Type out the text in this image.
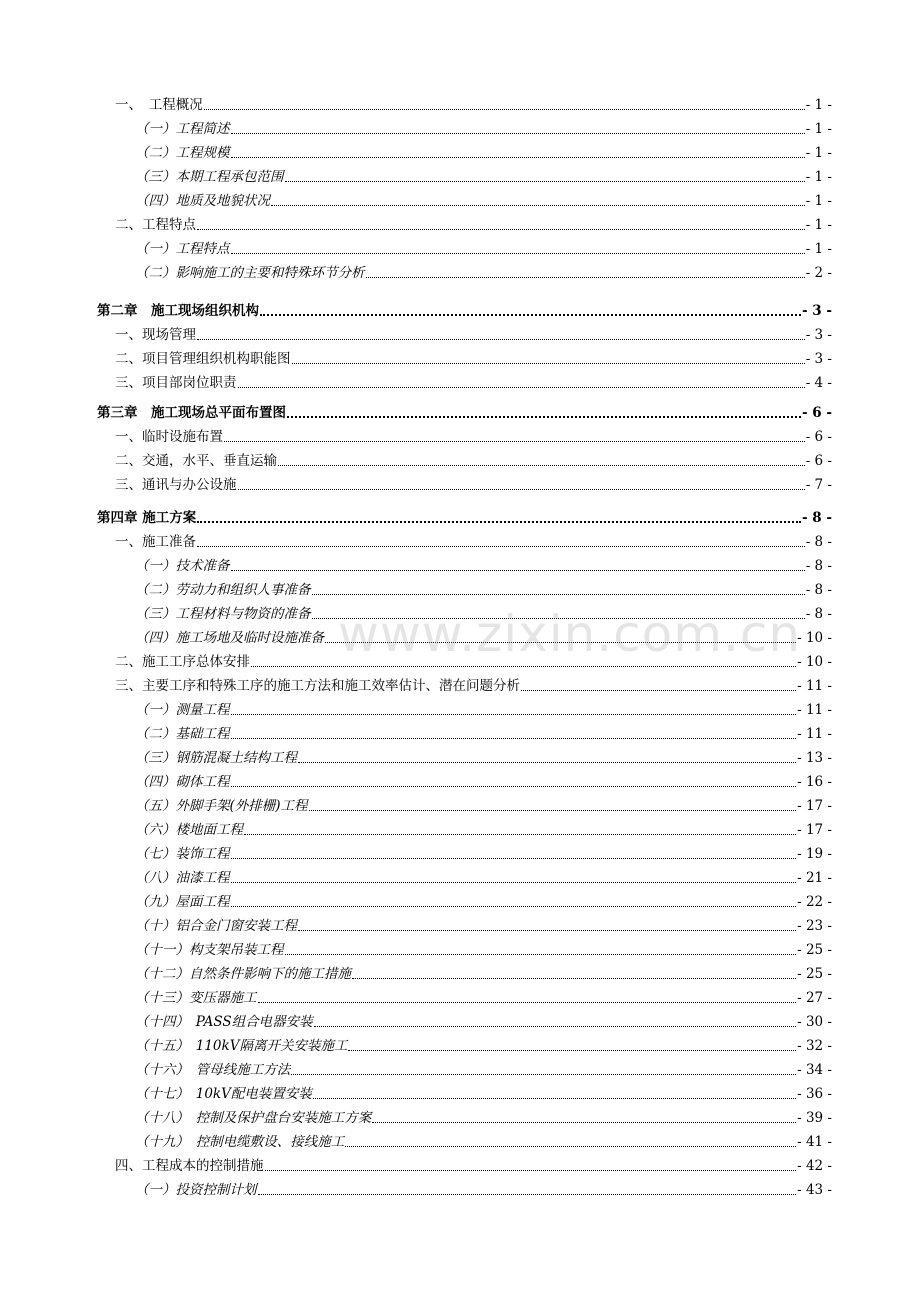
一、　工程概况	- 1 -
（一）工程简述	- 1 -
（二）工程规模	- 1 -
（三）本期工程承包范围	- 1 -
（四）地质及地貌状况	- 1 -
二、工程特点	- 1 -
（一）工程特点	- 1 -
（二）影响施工的主要和特殊环节分析	- 2 -
第二章　施工现场组织机构	- 3 -
一、现场管理	- 3 -
二、项目管理组织机构职能图	- 3 -
三、项目部岗位职责	- 4 -
第三章　施工现场总平面布置图	- 6 -
一、临时设施布置	- 6 -
二、交通，水平、垂直运输	- 6 -
三、通讯与办公设施	- 7 -
第四章 施工方案	- 8 -
一、施工准备	- 8 -
（一）技术准备	- 8 -
（二）劳动力和组织人事准备	- 8 -
（三）工程材料与物资的准备	- 8 -
（四）施工场地及临时设施准备	- 10 -
二、施工工序总体安排	- 10 -
三、主要工序和特殊工序的施工方法和施工效率估计、潜在问题分析	- 11 -
（一）测量工程	- 11 -
（二）基础工程	- 11 -
（三）钢筋混凝土结构工程	- 13 -
（四）砌体工程	- 16 -
（五）外脚手架(外排栅)工程	- 17 -
（六）楼地面工程	- 17 -
（七）装饰工程	- 19 -
（八）油漆工程	- 21 -
（九）屋面工程	- 22 -
（十）铝合金门窗安装工程	- 23 -
（十一）构支架吊装工程	- 25 -
（十二）自然条件影响下的施工措施	- 25 -
（十三）变压器施工	- 27 -
（十四）　PASS组合电器安装	- 30 -
（十五）　110kV隔离开关安装施工	- 32 -
（十六）　管母线施工方法	- 34 -
（十七）　10kV配电装置安装	- 36 -
（十八）　控制及保护盘台安装施工方案	- 39 -
（十九）　控制电缆敷设、接线施工	- 41 -
四、工程成本的控制措施	- 42 -
（一）投资控制计划	- 43 -
www.zixin.com.cn
